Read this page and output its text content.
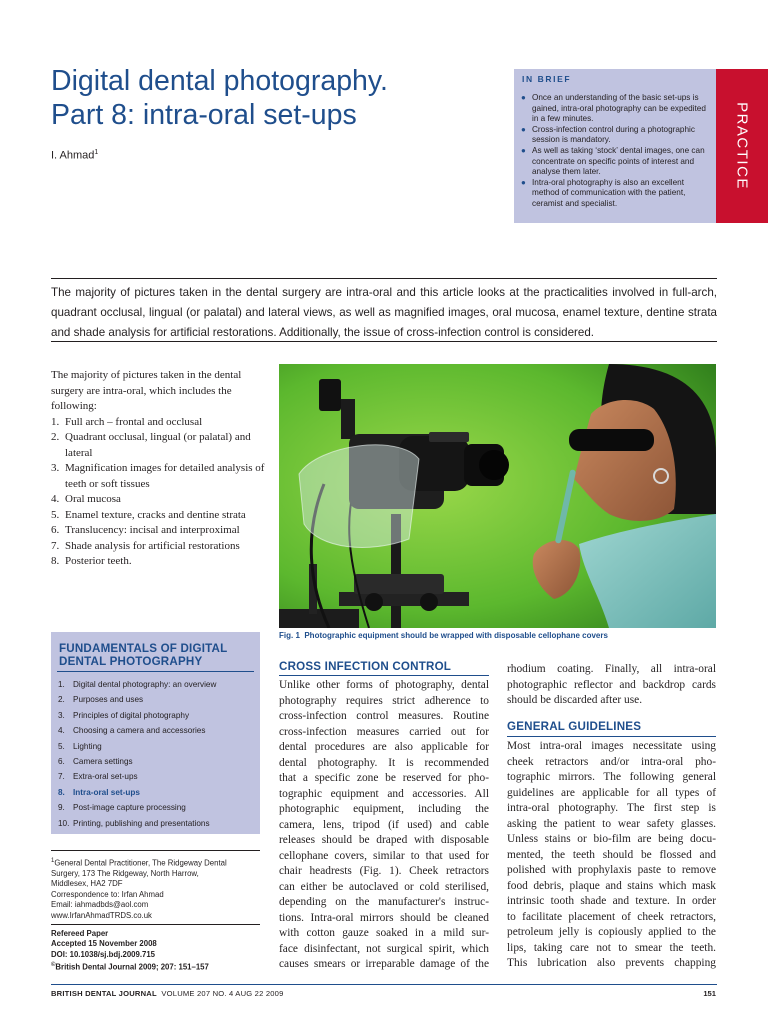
Digital dental photography.
Part 8: intra-oral set-ups
I. Ahmad$^1$
IN BRIEF
● Once an understanding of the basic set-ups is gained, intra-oral photography can be expedited in a few minutes.
● Cross-infection control during a photographic session is mandatory.
● As well as taking ‘stock’ dental images, one can concentrate on specific points of interest and analyse them later.
● Intra-oral photography is also an excellent method of communication with the patient, ceramist and specialist.
PRACTICE
The majority of pictures taken in the dental surgery are intra-oral and this article looks at the practicalities involved in full-arch, quadrant occlusal, lingual (or palatal) and lateral views, as well as magnified images, oral mucosa, enamel texture, dentine strata and shade analysis for artificial restorations. Additionally, the issue of cross-infection control is considered.
The majority of pictures taken in the dental surgery are intra-oral, which includes the following:
1. Full arch – frontal and occlusal
2. Quadrant occlusal, lingual (or palatal) and lateral
3. Magnification images for detailed analysis of teeth or soft tissues
4. Oral mucosa
5. Enamel texture, cracks and dentine strata
6. Translucency: incisal and interproximal
7. Shade analysis for artificial restorations
8. Posterior teeth.
FUNDAMENTALS OF DIGITAL
DENTAL PHOTOGRAPHY
1. Digital dental photography: an overview
2. Purposes and uses
3. Principles of digital photography
4. Choosing a camera and accessories
5. Lighting
6. Camera settings
7. Extra-oral set-ups
8. Intra-oral set-ups
9. Post-image capture processing
10. Printing, publishing and presentations
$^1$General Dental Practitioner, The Ridgeway Dental
Surgery, 173 The Ridgeway, North Harrow,
Middlesex, HA2 7DF
Correspondence to: Irfan Ahmad
Email: iahmadbds@aol.com
www.IrfanAhmadTRDS.co.uk
Refereed Paper
Accepted 15 November 2008
DOI: 10.1038/sj.bdj.2009.715
©British Dental Journal 2009; 207: 151–157
Fig. 1 Photographic equipment should be wrapped with disposable cellophane covers
CROSS INFECTION CONTROL
Unlike other forms of photography, dental
photography requires strict adherence to
cross-infection control measures. Routine
cross-infection measures carried out for
dental procedures are also applicable for
dental photography. It is recommended
that a specific zone be reserved for pho-
tographic equipment and accessories. All
photographic equipment, including the
camera, lens, tripod (if used) and cable
releases should be draped with disposable
cellophane covers, similar to that used for
chair headrests (Fig. 1). Cheek retractors
can either be autoclaved or cold sterilised,
depending on the manufacturer's instruc-
tions. Intra-oral mirrors should be cleaned
with cotton gauze soaked in a mild sur-
face disinfectant, not surgical spirit, which
causes smears or irreparable damage of the
rhodium coating. Finally, all intra-oral
photographic reflector and backdrop cards
should be discarded after use.
GENERAL GUIDELINES
Most intra-oral images necessitate using
cheek retractors and/or intra-oral pho-
tographic mirrors. The following general
guidelines are applicable for all types of
intra-oral photography. The first step is
asking the patient to wear safety glasses.
Unless stains or bio-film are being docu-
mented, the teeth should be flossed and
polished with prophylaxis paste to remove
food debris, plaque and stains which mask
intrinsic tooth shade and texture. In order
to facilitate placement of cheek retractors,
petroleum jelly is copiously applied to the
lips, taking care not to smear the teeth.
This lubrication also prevents chapping
BRITISH DENTAL JOURNAL VOLUME 207 NO. 4 AUG 22 2009	151
